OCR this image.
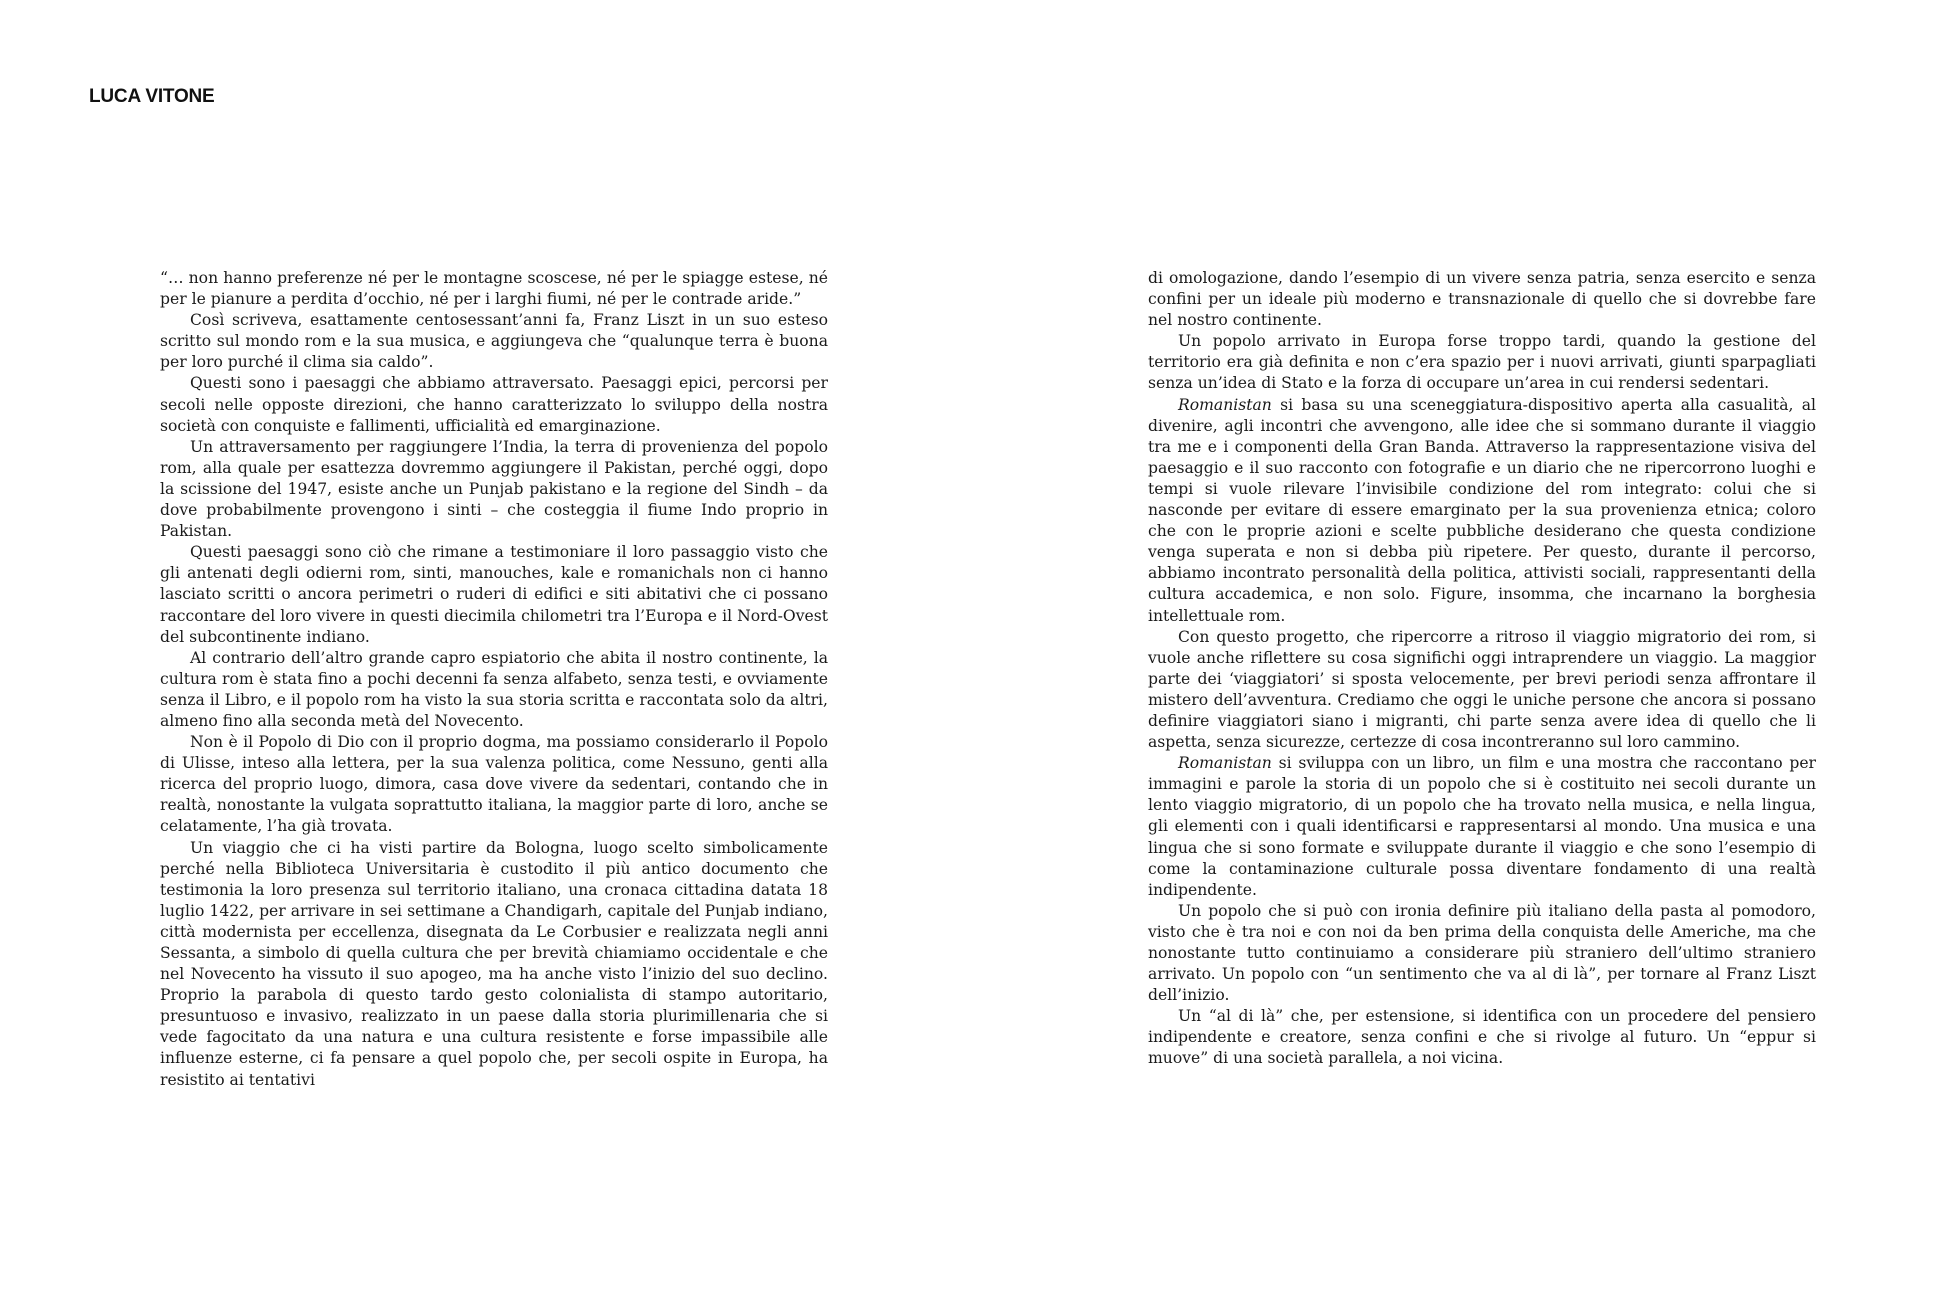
LUCA VITONE

“… non hanno preferenze né per le montagne scoscese, né per le spiagge estese, né per le pianure a perdita d’occhio, né per i larghi fiumi, né per le contrade aride.”

Così scriveva, esattamente centosessant’anni fa, Franz Liszt in un suo esteso scritto sul mondo rom e la sua musica, e aggiungeva che “qualunque terra è buona per loro purché il clima sia caldo”.

Questi sono i paesaggi che abbiamo attraversato. Paesaggi epici, percorsi per secoli nelle opposte direzioni, che hanno caratterizzato lo sviluppo della nostra società con conquiste e fallimenti, ufficialità ed emarginazione.

Un attraversamento per raggiungere l’India, la terra di provenienza del popolo rom, alla quale per esattezza dovremmo aggiungere il Pakistan, perché oggi, dopo la scissione del 1947, esiste anche un Punjab pakistano e la regione del Sindh – da dove probabilmente provengono i sinti – che costeggia il fiume Indo proprio in Pakistan.

Questi paesaggi sono ciò che rimane a testimoniare il loro passaggio visto che gli antenati degli odierni rom, sinti, manouches, kale e romanichals non ci hanno lasciato scritti o ancora perimetri o ruderi di edifici e siti abitativi che ci possano raccontare del loro vivere in questi diecimila chilometri tra l’Europa e il Nord-Ovest del subcontinente indiano.

Al contrario dell’altro grande capro espiatorio che abita il nostro continente, la cultura rom è stata fino a pochi decenni fa senza alfabeto, senza testi, e ovviamente senza il Libro, e il popolo rom ha visto la sua storia scritta e raccontata solo da altri, almeno fino alla seconda metà del Novecento.

Non è il Popolo di Dio con il proprio dogma, ma possiamo considerarlo il Popolo di Ulisse, inteso alla lettera, per la sua valenza politica, come Nessuno, genti alla ricerca del proprio luogo, dimora, casa dove vivere da sedentari, contando che in realtà, nonostante la vulgata soprattutto italiana, la maggior parte di loro, anche se celatamente, l’ha già trovata.

Un viaggio che ci ha visti partire da Bologna, luogo scelto simbolicamente perché nella Biblioteca Universitaria è custodito il più antico documento che testimonia la loro presenza sul territorio italiano, una cronaca cittadina datata 18 luglio 1422, per arrivare in sei settimane a Chandigarh, capitale del Punjab indiano, città modernista per eccellenza, disegnata da Le Corbusier e realizzata negli anni Sessanta, a simbolo di quella cultura che per brevità chiamiamo occidentale e che nel Novecento ha vissuto il suo apogeo, ma ha anche visto l’inizio del suo declino. Proprio la parabola di questo tardo gesto colonialista di stampo autoritario, presuntuoso e invasivo, realizzato in un paese dalla storia plurimillenaria che si vede fagocitato da una natura e una cultura resistente e forse impassibile alle influenze esterne, ci fa pensare a quel popolo che, per secoli ospite in Europa, ha resistito ai tentativi

di omologazione, dando l’esempio di un vivere senza patria, senza esercito e senza confini per un ideale più moderno e transnazionale di quello che si dovrebbe fare nel nostro continente.

Un popolo arrivato in Europa forse troppo tardi, quando la gestione del territorio era già definita e non c’era spazio per i nuovi arrivati, giunti sparpagliati senza un’idea di Stato e la forza di occupare un’area in cui rendersi sedentari.

Romanistan si basa su una sceneggiatura-dispositivo aperta alla casualità, al divenire, agli incontri che avvengono, alle idee che si sommano durante il viaggio tra me e i componenti della Gran Banda. Attraverso la rappresentazione visiva del paesaggio e il suo racconto con fotografie e un diario che ne ripercorrono luoghi e tempi si vuole rilevare l’invisibile condizione del rom integrato: colui che si nasconde per evitare di essere emarginato per la sua provenienza etnica; coloro che con le proprie azioni e scelte pubbliche desiderano che questa condizione venga superata e non si debba più ripetere. Per questo, durante il percorso, abbiamo incontrato personalità della politica, attivisti sociali, rappresentanti della cultura accademica, e non solo. Figure, insomma, che incarnano la borghesia intellettuale rom.

Con questo progetto, che ripercorre a ritroso il viaggio migratorio dei rom, si vuole anche riflettere su cosa significhi oggi intraprendere un viaggio. La maggior parte dei ‘viaggiatori’ si sposta velocemente, per brevi periodi senza affrontare il mistero dell’avventura. Crediamo che oggi le uniche persone che ancora si possano definire viaggiatori siano i migranti, chi parte senza avere idea di quello che li aspetta, senza sicurezze, certezze di cosa incontreranno sul loro cammino.

Romanistan si sviluppa con un libro, un film e una mostra che raccontano per immagini e parole la storia di un popolo che si è costituito nei secoli durante un lento viaggio migratorio, di un popolo che ha trovato nella musica, e nella lingua, gli elementi con i quali identificarsi e rappresentarsi al mondo. Una musica e una lingua che si sono formate e sviluppate durante il viaggio e che sono l’esempio di come la contaminazione culturale possa diventare fondamento di una realtà indipendente.

Un popolo che si può con ironia definire più italiano della pasta al pomodoro, visto che è tra noi e con noi da ben prima della conquista delle Americhe, ma che nonostante tutto continuiamo a considerare più straniero dell’ultimo straniero arrivato. Un popolo con “un sentimento che va al di là”, per tornare al Franz Liszt dell’inizio.

Un “al di là” che, per estensione, si identifica con un procedere del pensiero indipendente e creatore, senza confini e che si rivolge al futuro. Un “eppur si muove” di una società parallela, a noi vicina.
